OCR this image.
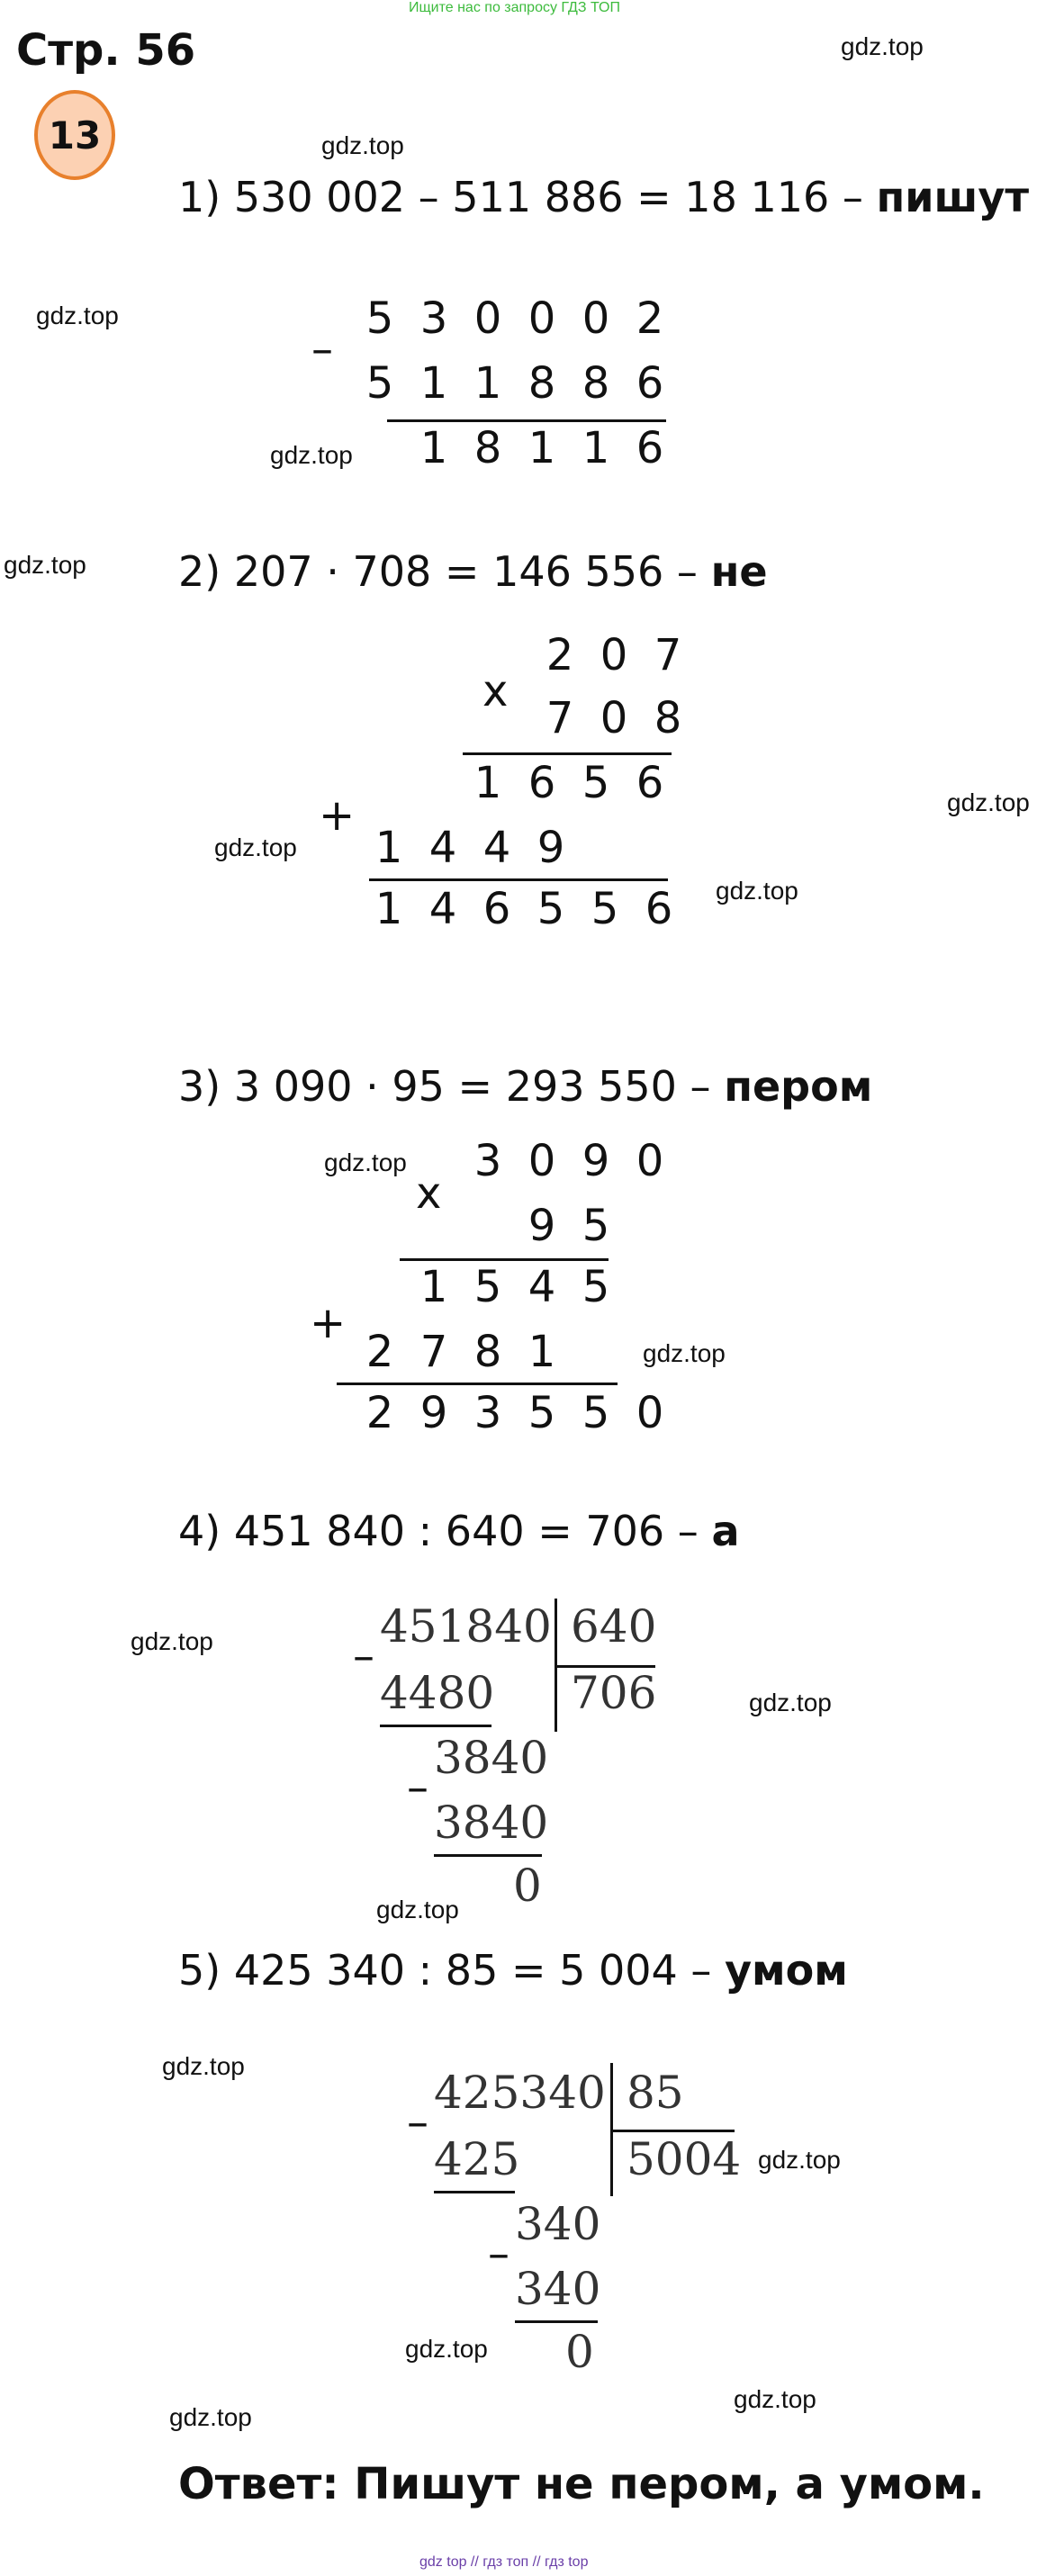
Ищите нас по запросу ГДЗ ТОП
Стр. 56
13
gdz.top
gdz.top
gdz.top
gdz.top
gdz.top
gdz.top
gdz.top
gdz.top
gdz.top
gdz.top
gdz.top
gdz.top
gdz.top
gdz.top
gdz.top
gdz.top
gdz.top
gdz.top
1) 530 002 – 511 886 = 18 116 – пишут
–
5 3 0 0 0 2
5 1 1 8 8 6
1 8 1 1 6
2) 207 · 708 = 146 556 – не
2 0 7
x
7 0 8
1 6 5 6
+
1 4 4 9
1 4 6 5 5 6
3) 3 090 · 95 = 293 550 – пером
3 0 9 0
x
9 5
1 5 4 5
+
2 7 8 1
2 9 3 5 5 0
4) 451 840 : 640 = 706 – а
–
451840 640
706
4480
–
3840
3840
0
5) 425 340 : 85 = 5 004 – умом
–
425340 85
5004
425
–
340
340
0
Ответ: Пишут не пером, а умом.
gdz top // гдз топ // гдз top
